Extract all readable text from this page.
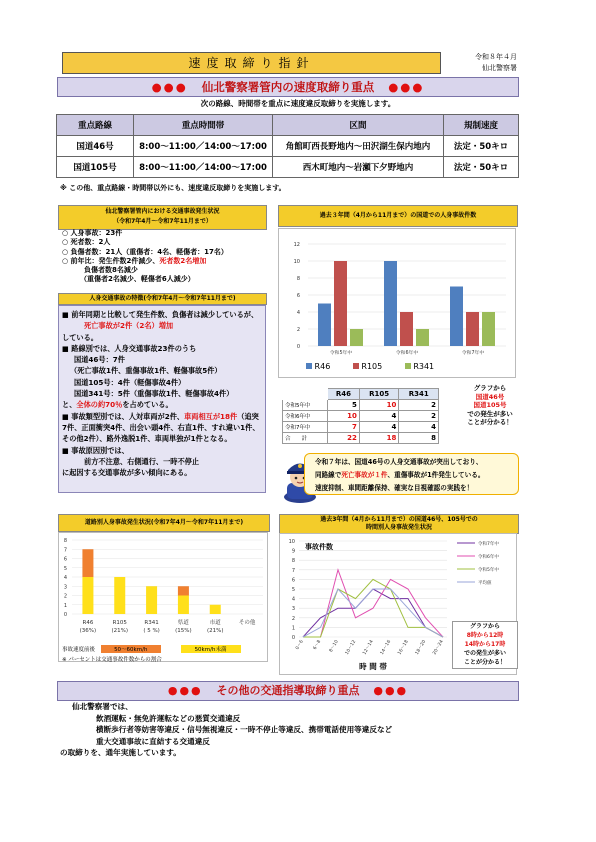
速度取締り指針	令和８年４月
仙北警察署
●●● 仙北警察署管内の速度取締り重点 ●●●
次の路線、時間帯を重点に速度違反取締りを実施します。
重点路線	重点時間帯	区間	規制速度
国道46号	8:00～11:00／14:00～17:00	角館町西長野地内～田沢湖生保内地内	法定・50キロ
国道105号	8:00～11:00／14:00～17:00	西木町地内～岩瀬下夕野地内	法定・50キロ
※ この他、重点路線・時間帯以外にも、速度違反取締りを実施します。
仙北警察署管内における交通事故発生状況
（令和7年4月～令和7年11月まで）
○ 人身事故：23件
○ 死者数：2人
○ 負傷者数：21人（重傷者：4名、軽傷者：17名）
○ 前年比：発生件数2件減少、死者数2名増加
負傷者数8名減少
（重傷者2名減少、軽傷者6人減少）
人身交通事故の特徴(令和7年4月～令和7年11月まで)
■ 前年同期と比較して発生件数、負傷者は減少しているが、
死亡事故が2件（2名）増加
している。
■ 路線別では、人身交通事故23件のうち
国道46号：7件
（死亡事故1件、重傷事故1件、軽傷事故5件）
国道105号：4件（軽傷事故4件）
国道341号：5件（重傷事故1件、軽傷事故4件）
と、全体の約70％を占めている。
■ 事故類型別では、人対車両が2件、車両相互が18件（追突7件、正面衝突4件、出会い頭4件、右直1件、すれ違い1件、その他2件）、路外逸脱1件、車両単独が1件となる。
■ 事故原因別では、
前方不注意、右側通行、一時不停止
に起因する交通事故が多い傾向にある。
過去３年間（4月から11月まで）の国道での人身事故件数
0
2
4
6
8
10
12
令和5年中	令和6年中	令和7年中
R46	R105	R341
	R46	R105	R341
令和5年中	5	10	2
令和6年中	10	4	2
令和7年中	7	4	4
合　　計	22	18	8
グラフから
国道46号
国道105号
での発生が多い
ことが分かる！
令和７年は、国道46号の人身交通事故が突出しており、
同路線で死亡事故が１件、重傷事故が1件発生している。
速度抑制、車間距離保持、確実な目視確認の実践を！
道路別人身事故発生状況(令和7年4月～令和7年11月まで)
0
1
2
3
4
5
6
7
8
R46
(36%)
R105
(21%)
R341
( 5 %)
県道
(15%)
市道
(21%)
その他
事故速度前後	50～60km/h	50km/h未満
※ パーセントは交通事故件数からの割合
過去3年間（4月から11月まで）の国道46号、105号での
時間別人身事故発生状況
0
1
2
3
4
5
6
7
8
9
10
事故件数
0～6 6～8 8～10 10～12 12～14 14～16 16～18 18～20 20～24
時 間 帯
令和7年中
令和6年中
令和5年中
平均値
グラフから
8時から12時
14時から17時
での発生が多い
ことが分かる！
●●● その他の交通指導取締り重点 ●●●
仙北警察署では、
飲酒運転・無免許運転などの悪質交通違反
横断歩行者等妨害等違反・信号無視違反・一時不停止等違反、携帯電話使用等違反など
重大交通事故に直結する交通違反
の取締りを、通年実施しています。
